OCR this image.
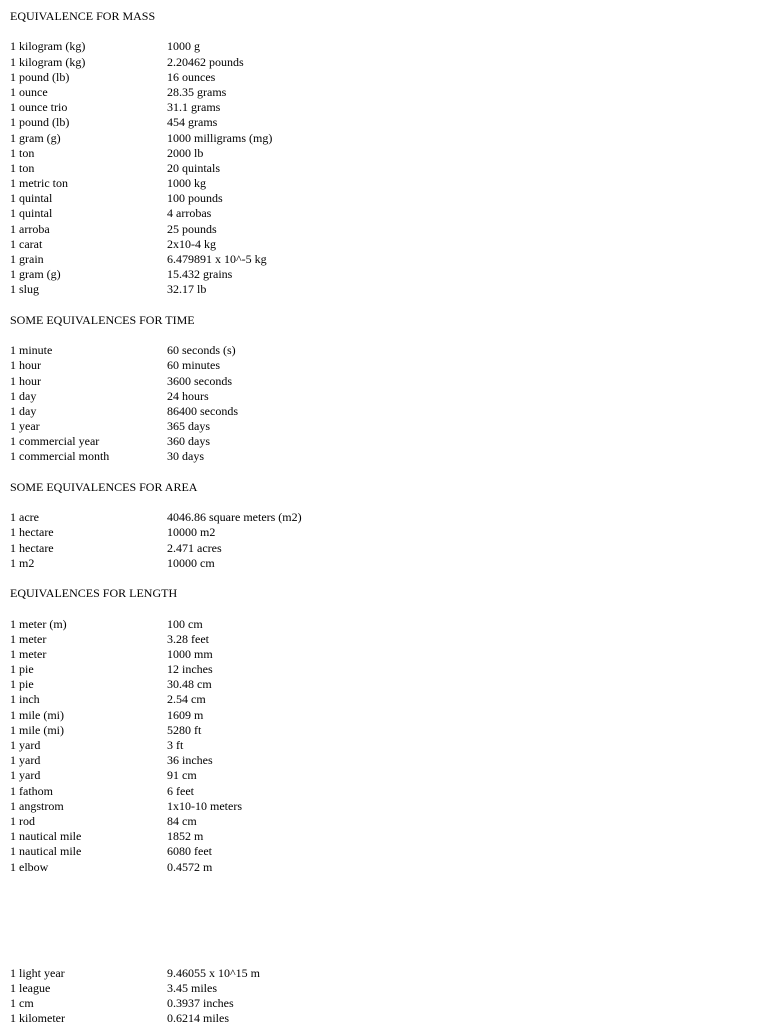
EQUIVALENCE FOR MASS
1 kilogram (kg)	1000 g
1 kilogram (kg)	2.20462 pounds
1 pound (lb)	16 ounces
1 ounce	28.35 grams
1 ounce trio	31.1 grams
1 pound (lb)	454 grams
1 gram (g)	1000 milligrams (mg)
1 ton	2000 lb
1 ton	20 quintals
1 metric ton	1000 kg
1 quintal	100 pounds
1 quintal	4 arrobas
1 arroba	25 pounds
1 carat	2x10-4 kg
1 grain	6.479891 x 10^-5 kg
1 gram (g)	15.432 grains
1 slug	32.17 lb
SOME EQUIVALENCES FOR TIME
1 minute	60 seconds (s)
1 hour	60 minutes
1 hour	3600 seconds
1 day	24 hours
1 day	86400 seconds
1 year	365 days
1 commercial year	360 days
1 commercial month	30 days
SOME EQUIVALENCES FOR AREA
1 acre	4046.86 square meters (m2)
1 hectare	10000 m2
1 hectare	2.471 acres
1 m2	10000 cm
EQUIVALENCES FOR LENGTH
1 meter (m)	100 cm
1 meter	3.28 feet
1 meter	1000 mm
1 pie	12 inches
1 pie	30.48 cm
1 inch	2.54 cm
1 mile (mi)	1609 m
1 mile (mi)	5280 ft
1 yard	3 ft
1 yard	36 inches
1 yard	91 cm
1 fathom	6 feet
1 angstrom	1x10-10 meters
1 rod	84 cm
1 nautical mile	1852 m
1 nautical mile	6080 feet
1 elbow	0.4572 m
1 light year	9.46055 x 10^15 m
1 league	3.45 miles
1 cm	0.3937 inches
1 kilometer	0.6214 miles
